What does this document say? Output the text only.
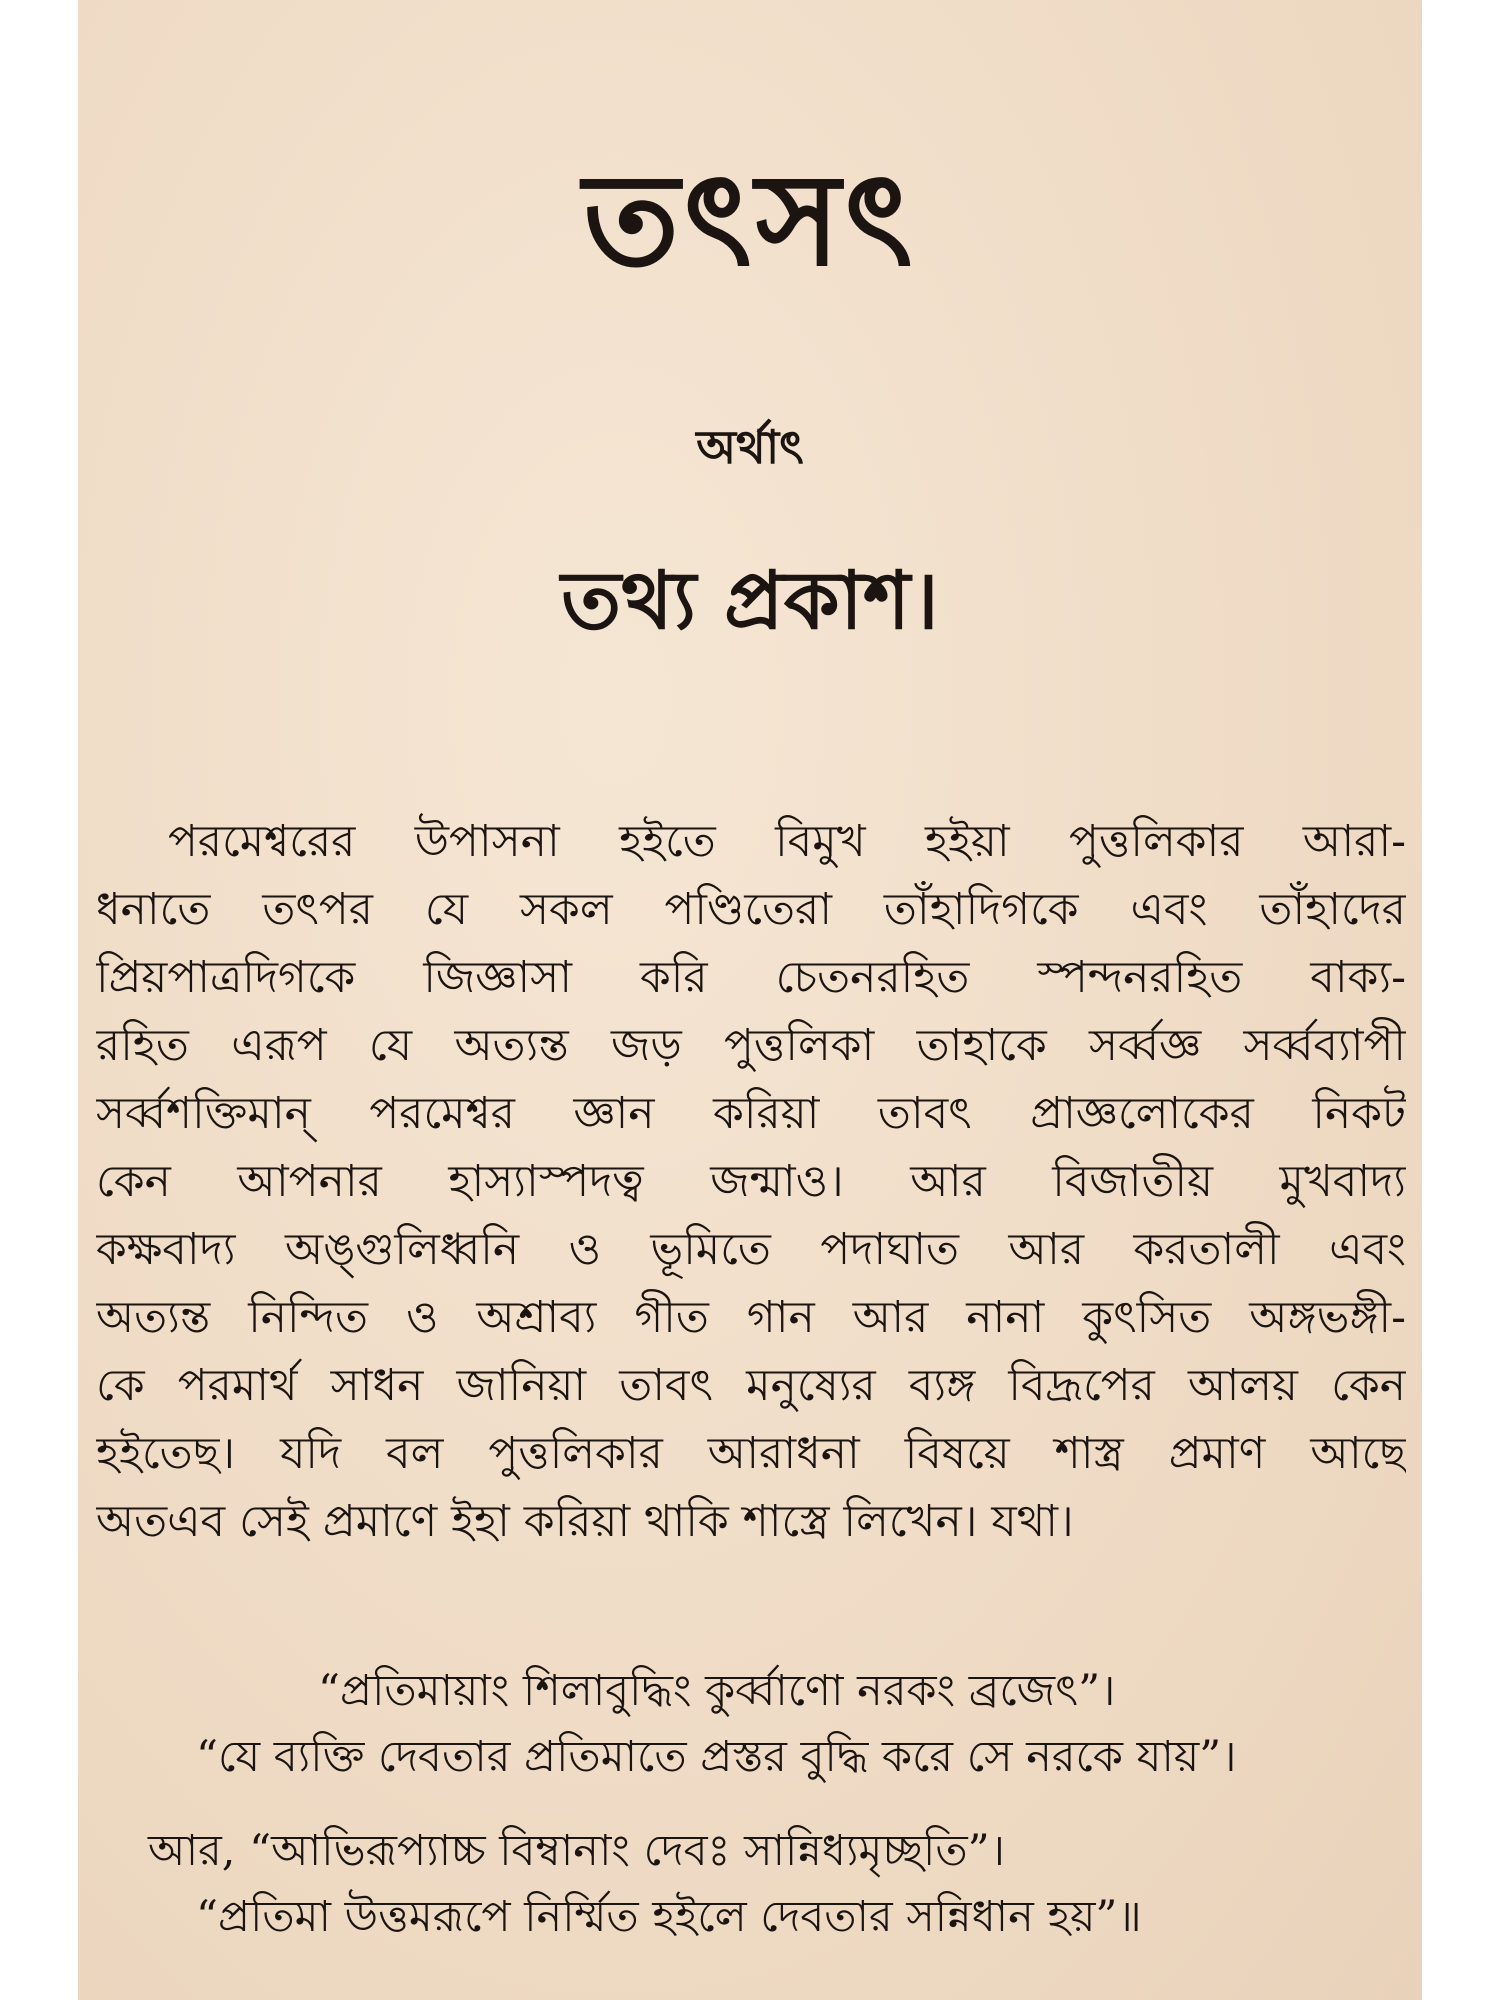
তৎসৎ
অর্থাৎ
তথ্য প্রকাশ।
পরমেশ্বরের উপাসনা হইতে বিমুখ হইয়া পুত্তলিকার আরা-
ধনাতে তৎপর যে সকল পণ্ডিতেরা তাঁহাদিগকে এবং তাঁহাদের
প্রিয়পাত্রদিগকে জিজ্ঞাসা করি চেতনরহিত স্পন্দনরহিত বাক্য-
রহিত এরূপ যে অত্যন্ত জড় পুত্তলিকা তাহাকে সর্ব্বজ্ঞ সর্ব্বব্যাপী
সর্ব্বশক্তিমান্ পরমেশ্বর জ্ঞান করিয়া তাবৎ প্রাজ্ঞলোকের নিকট
কেন আপনার হাস্যাস্পদত্ব জন্মাও। আর বিজাতীয় মুখবাদ্য
কক্ষবাদ্য অঙ্গুলিধ্বনি ও ভূমিতে পদাঘাত আর করতালী এবং
অত্যন্ত নিন্দিত ও অশ্রাব্য গীত গান আর নানা কুৎসিত অঙ্গভঙ্গী-
কে পরমার্থ সাধন জানিয়া তাবৎ মনুষ্যের ব্যঙ্গ বিদ্রূপের আলয় কেন
হইতেছ। যদি বল পুত্তলিকার আরাধনা বিষয়ে শাস্ত্র প্রমাণ আছে
অতএব সেই প্রমাণে ইহা করিয়া থাকি শাস্ত্রে লিখেন। যথা।
“প্রতিমায়াং শিলাবুদ্ধিং কুর্ব্বাণো নরকং ব্রজেৎ”।
“যে ব্যক্তি দেবতার প্রতিমাতে প্রস্তর বুদ্ধি করে সে নরকে যায়”।
আর, “আভিরূপ্যাচ্চ বিম্বানাং দেবঃ সান্নিধ্যমৃচ্ছতি”।
“প্রতিমা উত্তমরূপে নির্ম্মিত হইলে দেবতার সন্নিধান হয়”॥
